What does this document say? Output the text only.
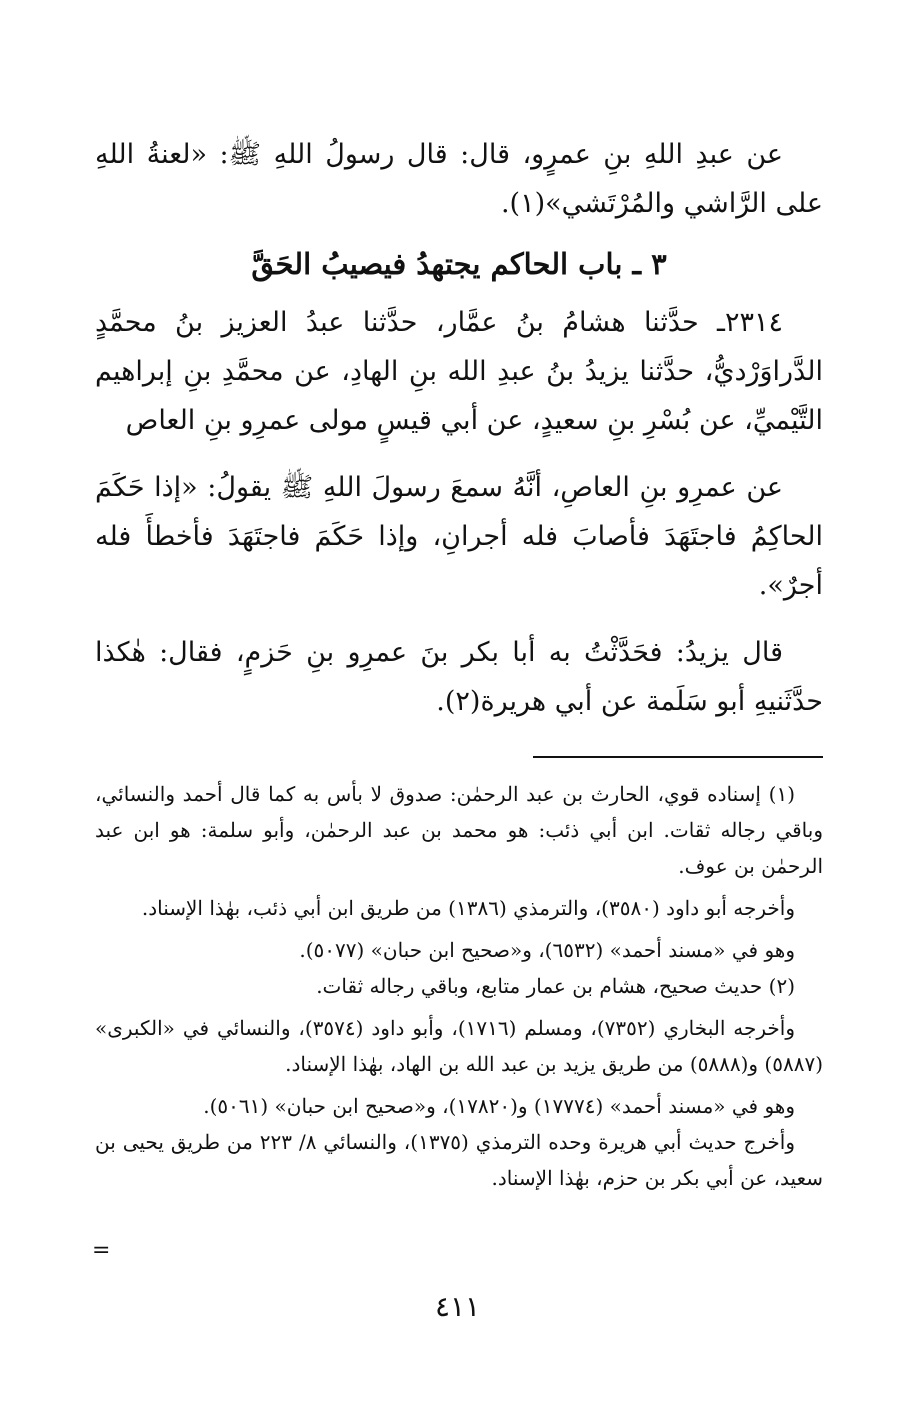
عن عبدِ اللهِ بنِ عمرٍو، قال: قال رسولُ اللهِ ﷺ: «لعنةُ اللهِ على الرَّاشي والمُرْتَشي»(١).

٣ ـ باب الحاكم يجتهدُ فيصيبُ الحَقَّ

٢٣١٤ـ حدَّثنا هشامُ بنُ عمَّار، حدَّثنا عبدُ العزيز بنُ محمَّدٍ الدَّراوَرْديُّ، حدَّثنا يزيدُ بنُ عبدِ الله بنِ الهادِ، عن محمَّدِ بنِ إبراهيم التَّيْميِّ، عن بُسْرِ بنِ سعيدٍ، عن أبي قيسٍ مولى عمرِو بنِ العاص

عن عمرِو بنِ العاصِ، أنَّهُ سمعَ رسولَ اللهِ ﷺ يقولُ: «إذا حَكَمَ الحاكِمُ فاجتَهَدَ فأصابَ فله أجرانِ، وإذا حَكَمَ فاجتَهَدَ فأخطأَ فله أجرٌ».

قال يزيدُ: فحَدَّثْتُ به أبا بكر بنَ عمرِو بنِ حَزمٍ، فقال: هٰكذا حدَّثَنيهِ أبو سَلَمة عن أبي هريرة(٢).

(١) إسناده قوي، الحارث بن عبد الرحمٰن: صدوق لا بأس به كما قال أحمد والنسائي، وباقي رجاله ثقات. ابن أبي ذئب: هو محمد بن عبد الرحمٰن، وأبو سلمة: هو ابن عبد الرحمٰن بن عوف.

وأخرجه أبو داود (٣٥٨٠)، والترمذي (١٣٨٦) من طريق ابن أبي ذئب، بهٰذا الإسناد.

وهو في «مسند أحمد» (٦٥٣٢)، و«صحيح ابن حبان» (٥٠٧٧).

(٢) حديث صحيح، هشام بن عمار متابع، وباقي رجاله ثقات.

وأخرجه البخاري (٧٣٥٢)، ومسلم (١٧١٦)، وأبو داود (٣٥٧٤)، والنسائي في «الكبرى» (٥٨٨٧) و(٥٨٨٨) من طريق يزيد بن عبد الله بن الهاد، بهٰذا الإسناد.

وهو في «مسند أحمد» (١٧٧٧٤) و(١٧٨٢٠)، و«صحيح ابن حبان» (٥٠٦١).

وأخرج حديث أبي هريرة وحده الترمذي (١٣٧٥)، والنسائي ٨/ ٢٢٣ من طريق يحيى بن سعيد، عن أبي بكر بن حزم، بهٰذا الإسناد.

=
٤١١
